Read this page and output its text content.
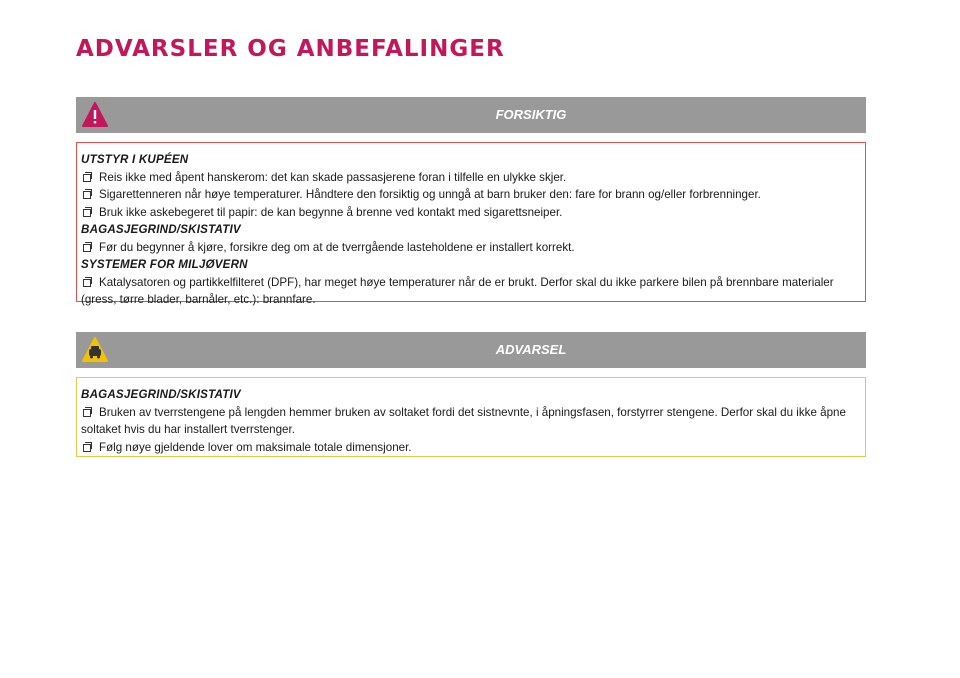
ADVARSLER OG ANBEFALINGER
FORSIKTIG
UTSTYR I KUPÉEN
Reis ikke med åpent hanskerom: det kan skade passasjerene foran i tilfelle en ulykke skjer.
Sigarettenneren når høye temperaturer. Håndtere den forsiktig og unngå at barn bruker den: fare for brann og/eller forbrenninger.
Bruk ikke askebegeret til papir: de kan begynne å brenne ved kontakt med sigarettsneiper.
BAGASJEGRIND/SKISTATIV
Før du begynner å kjøre, forsikre deg om at de tverrgående lasteholdene er installert korrekt.
SYSTEMER FOR MILJØVERN
Katalysatoren og partikkelfilteret (DPF), har meget høye temperaturer når de er brukt. Derfor skal du ikke parkere bilen på brennbare materialer (gress, tørre blader, barnåler, etc.): brannfare.
ADVARSEL
BAGASJEGRIND/SKISTATIV
Bruken av tverrstengene på lengden hemmer bruken av soltaket fordi det sistnevnte, i åpningsfasen, forstyrrer stengene. Derfor skal du ikke åpne soltaket hvis du har installert tverrstenger.
Følg nøye gjeldende lover om maksimale totale dimensjoner.
